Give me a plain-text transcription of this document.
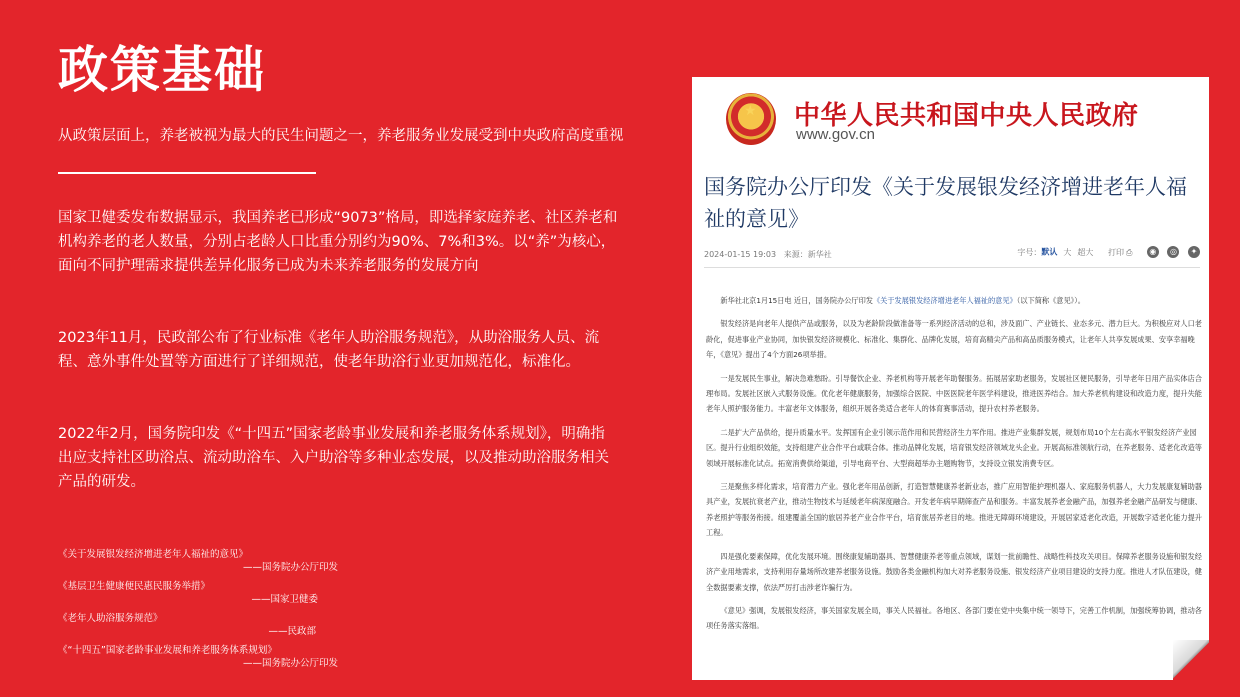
政策基础
从政策层面上，养老被视为最大的民生问题之一，养老服务业发展受到中央政府高度重视
国家卫健委发布数据显示，我国养老已形成“9073”格局，即选择家庭养老、社区养老和机构养老的老人数量，分别占老龄人口比重分别约为90%、7%和3%。以“养”为核心，面向不同护理需求提供差异化服务已成为未来养老服务的发展方向
2023年11月，民政部公布了行业标准《老年人助浴服务规范》，从助浴服务人员、流程、意外事件处置等方面进行了详细规范，使老年助浴行业更加规范化，标准化。
2022年2月，国务院印发《“十四五”国家老龄事业发展和养老服务体系规划》，明确指出应支持社区助浴点、流动助浴车、入户助浴等多种业态发展，以及推动助浴服务相关产品的研发。
《关于发展银发经济增进老年人福祉的意见》
——国务院办公厅印发
《基层卫生健康便民惠民服务举措》
——国家卫健委
《老年人助浴服务规范》
——民政部
《“十四五”国家老龄事业发展和养老服务体系规划》
——国务院办公厅印发
★ 中华人民共和国中央人民政府
www.gov.cn
国务院办公厅印发《关于发展银发经济增进老年人福祉的意见》
2024-01-15 19:03 来源：新华社	字号：默认 大 超大 打印 ⎙ ◉ ◎ ✦

新华社北京1月15日电 近日，国务院办公厅印发《关于发展银发经济增进老年人福祉的意见》（以下简称《意见》）。

银发经济是向老年人提供产品或服务，以及为老龄阶段做准备等一系列经济活动的总和，涉及面广、产业链长、业态多元、潜力巨大。为积极应对人口老龄化，促进事业产业协同，加快银发经济规模化、标准化、集群化、品牌化发展，培育高精尖产品和高品质服务模式，让老年人共享发展成果、安享幸福晚年，《意见》提出了4个方面26项举措。

一是发展民生事业，解决急难愁盼。引导餐饮企业、养老机构等开展老年助餐服务。拓展居家助老服务，发展社区便民服务，引导老年日用产品实体店合理布局。发展社区嵌入式服务设施。优化老年健康服务，加强综合医院、中医医院老年医学科建设，推进医养结合。加大养老机构建设和改造力度，提升失能老年人照护服务能力。丰富老年文体服务，组织开展各类适合老年人的体育赛事活动，提升农村养老服务。

二是扩大产品供给，提升质量水平。发挥国有企业引领示范作用和民营经济生力军作用。推进产业集群发展，规划布局10个左右高水平银发经济产业园区。提升行业组织效能，支持组建产业合作平台或联合体。推动品牌化发展，培育银发经济领域龙头企业。开展高标准领航行动，在养老服务、适老化改造等领域开展标准化试点。拓宽消费供给渠道，引导电商平台、大型商超举办主题购物节，支持设立银发消费专区。

三是聚焦多样化需求，培育潜力产业。强化老年用品创新，打造智慧健康养老新业态，推广应用智能护理机器人、家庭服务机器人，大力发展康复辅助器具产业，发展抗衰老产业，推动生物技术与延缓老年病深度融合。开发老年病早期筛查产品和服务。丰富发展养老金融产品，加强养老金融产品研发与健康、养老照护等服务衔接。组建覆盖全国的旅居养老产业合作平台，培育旅居养老目的地。推进无障碍环境建设，开展居家适老化改造，开展数字适老化能力提升工程。

四是强化要素保障，优化发展环境。围绕康复辅助器具、智慧健康养老等重点领域，谋划一批前瞻性、战略性科技攻关项目。保障养老服务设施和银发经济产业用地需求，支持利用存量场所改建养老服务设施。鼓励各类金融机构加大对养老服务设施、银发经济产业项目建设的支持力度。推进人才队伍建设，健全数据要素支撑，依法严厉打击涉老诈骗行为。

《意见》强调，发展银发经济，事关国家发展全局，事关人民福祉。各地区、各部门要在党中央集中统一领导下，完善工作机制，加强统筹协调，推动各项任务落实落细。
